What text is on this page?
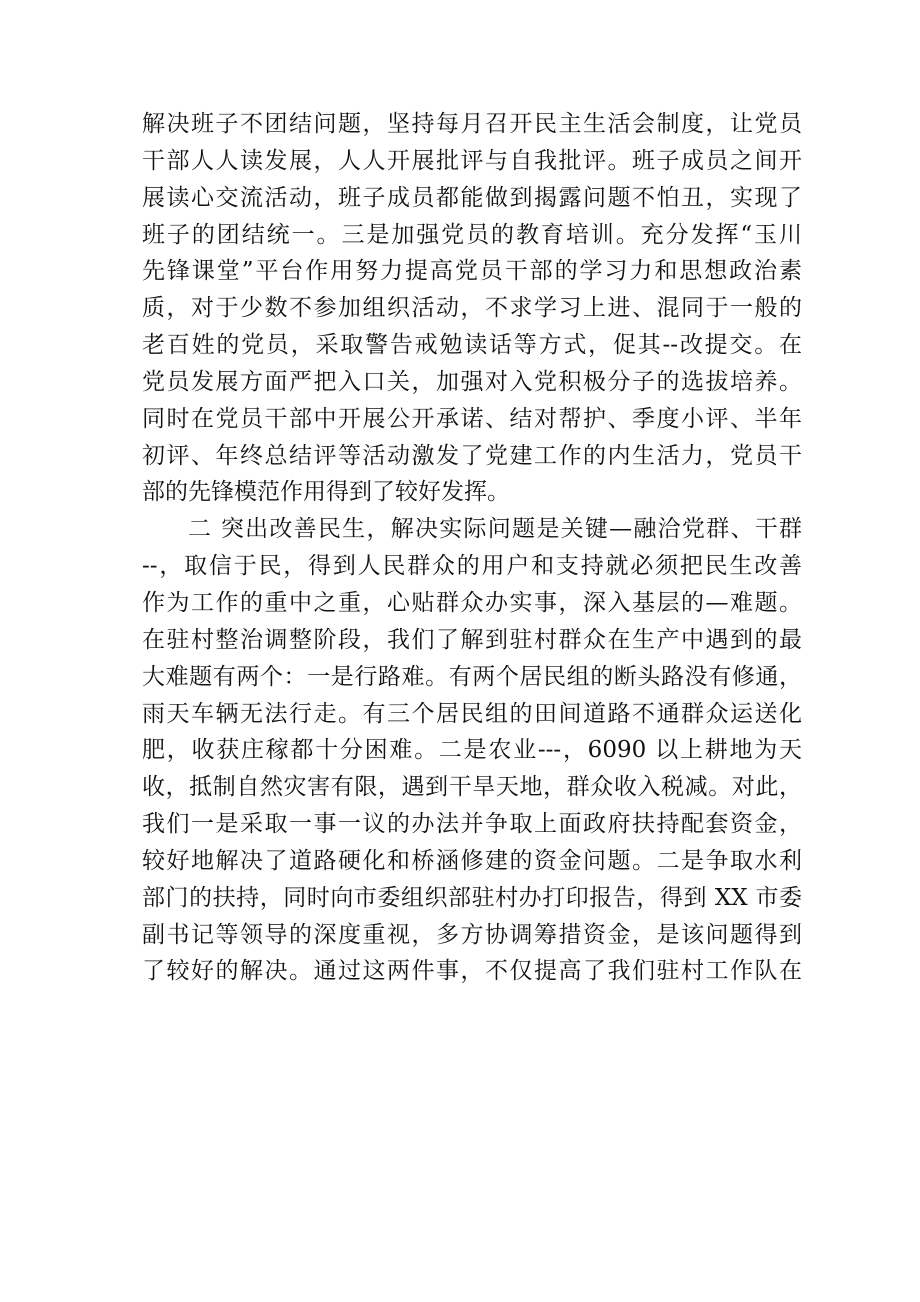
解决班子不团结问题，坚持每月召开民主生活会制度，让党员
干部人人读发展，人人开展批评与自我批评。班子成员之间开
展读心交流活动，班子成员都能做到揭露问题不怕丑，实现了
班子的团结统一。三是加强党员的教育培训。充分发挥“玉川
先锋课堂”平台作用努力提高党员干部的学习力和思想政治素
质，对于少数不参加组织活动，不求学习上进、混同于一般的
老百姓的党员，采取警告戒勉读话等方式，促其--改提交。在
党员发展方面严把入口关，加强对入党积极分子的选拔培养。
同时在党员干部中开展公开承诺、结对帮护、季度小评、半年
初评、年终总结评等活动激发了党建工作的内生活力，党员干
部的先锋模范作用得到了较好发挥。
二 突出改善民生，解决实际问题是关键—融洽党群、干群
--，取信于民，得到人民群众的用户和支持就必须把民生改善
作为工作的重中之重，心贴群众办实事，深入基层的—难题。
在驻村整治调整阶段，我们了解到驻村群众在生产中遇到的最
大难题有两个：一是行路难。有两个居民组的断头路没有修通，
雨天车辆无法行走。有三个居民组的田间道路不通群众运送化
肥，收获庄稼都十分困难。二是农业---，6090 以上耕地为天
收，抵制自然灾害有限，遇到干旱天地，群众收入税减。对此，
我们一是采取一事一议的办法并争取上面政府扶持配套资金，
较好地解决了道路硬化和桥涵修建的资金问题。二是争取水利
部门的扶持，同时向市委组织部驻村办打印报告，得到 XX 市委
副书记等领导的深度重视，多方协调筹措资金，是该问题得到
了较好的解决。通过这两件事，不仅提高了我们驻村工作队在
